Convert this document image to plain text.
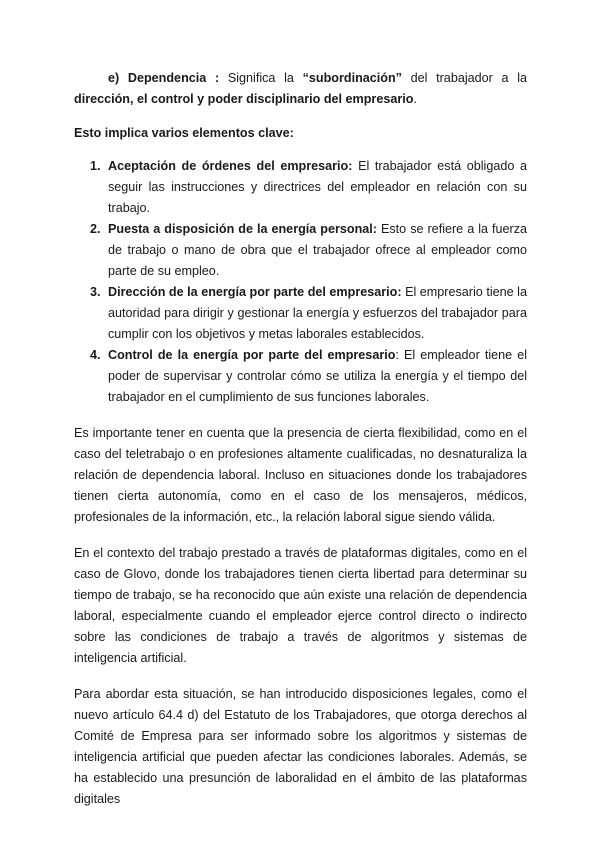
e) Dependencia : Significa la “subordinación” del trabajador a la dirección, el control y poder disciplinario del empresario.

Esto implica varios elementos clave:

1. Aceptación de órdenes del empresario: El trabajador está obligado a seguir las instrucciones y directrices del empleador en relación con su trabajo.
2. Puesta a disposición de la energía personal: Esto se refiere a la fuerza de trabajo o mano de obra que el trabajador ofrece al empleador como parte de su empleo.
3. Dirección de la energía por parte del empresario: El empresario tiene la autoridad para dirigir y gestionar la energía y esfuerzos del trabajador para cumplir con los objetivos y metas laborales establecidos.
4. Control de la energía por parte del empresario: El empleador tiene el poder de supervisar y controlar cómo se utiliza la energía y el tiempo del trabajador en el cumplimiento de sus funciones laborales.

Es importante tener en cuenta que la presencia de cierta flexibilidad, como en el caso del teletrabajo o en profesiones altamente cualificadas, no desnaturaliza la relación de dependencia laboral. Incluso en situaciones donde los trabajadores tienen cierta autonomía, como en el caso de los mensajeros, médicos, profesionales de la información, etc., la relación laboral sigue siendo válida.

En el contexto del trabajo prestado a través de plataformas digitales, como en el caso de Glovo, donde los trabajadores tienen cierta libertad para determinar su tiempo de trabajo, se ha reconocido que aún existe una relación de dependencia laboral, especialmente cuando el empleador ejerce control directo o indirecto sobre las condiciones de trabajo a través de algoritmos y sistemas de inteligencia artificial.

Para abordar esta situación, se han introducido disposiciones legales, como el nuevo artículo 64.4 d) del Estatuto de los Trabajadores, que otorga derechos al Comité de Empresa para ser informado sobre los algoritmos y sistemas de inteligencia artificial que pueden afectar las condiciones laborales. Además, se ha establecido una presunción de laboralidad en el ámbito de las plataformas digitales
